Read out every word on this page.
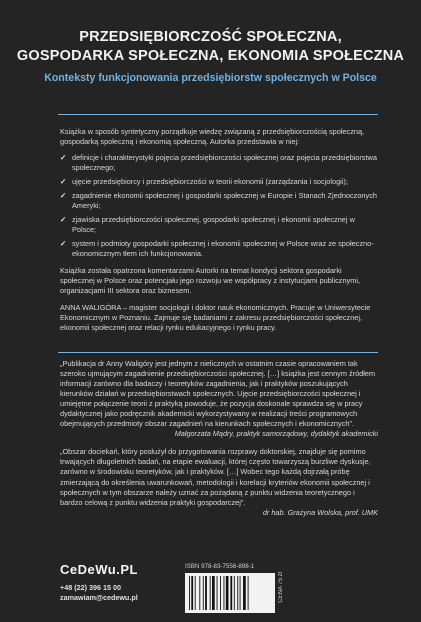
PRZEDSIĘBIORCZOŚĆ SPOŁECZNA,
GOSPODARKA SPOŁECZNA, EKONOMIA SPOŁECZNA
Konteksty funkcjonowania przedsiębiorstw społecznych w Polsce

Książka w sposób syntetyczny porządkuje wiedzę związaną z przedsiębiorczością społeczną, gospodarką społeczną i ekonomią społeczną. Autorka przedstawia w niej:

✓ definicje i charakterystyki pojęcia przedsiębiorczości społecznej oraz pojęcia przedsiębiorstwa społecznego;
✓ ujęcie przedsiębiorcy i przedsiębiorczości w teorii ekonomii (zarządzania i socjologii);
✓ zagadnienie ekonomii społecznej i gospodarki społecznej w Europie i Stanach Zjednoczonych Ameryki;
✓ zjawiska przedsiębiorczości społecznej, gospodarki społecznej i ekonomii społecznej w Polsce;
✓ system i podmioty gospodarki społecznej i ekonomii społecznej w Polsce wraz ze społeczno-ekonomicznym tłem ich funkcjonowania.

Książka została opatrzona komentarzami Autorki na temat kondycji sektora gospodarki społecznej w Polsce oraz potencjału jego rozwoju we współpracy z instytucjami publicznymi, organizacjami III sektora oraz biznesem.

ANNA WALIGÓRA – magister socjologii i doktor nauk ekonomicznych. Pracuje w Uniwersytecie Ekonomicznym w Poznaniu. Zajmuje się badaniami z zakresu przedsiębiorczości społecznej, ekonomii społecznej oraz relacji rynku edukacyjnego i rynku pracy.

„Publikacja dr Anny Waligóry jest jednym z nielicznych w ostatnim czasie opracowaniem tak szeroko ujmującym zagadnienie przedsiębiorczości społecznej. […] książka jest cennym źródłem informacji zarówno dla badaczy i teoretyków zagadnienia, jak i praktyków poszukujących kierunków działań w przedsiębiorstwach społecznych. Ujęcie przedsiębiorczości społecznej i umiejętne połączenie teorii z praktyką powoduje, że pozycja doskonale sprawdza się w pracy dydaktycznej jako podręcznik akademicki wykorzystywany w realizacji treści programowych obejmujących przedmioty obszar zagadnień na kierunkach społecznych i ekonomicznych”.

Małgorzata Mądry, praktyk samorządowy, dydaktyk akademicki

„Obszar dociekań, który posłużył do przygotowania rozprawy doktorskiej, znajduje się pomimo trwających długoletnich badań, na etapie ewaluacji, której często towarzyszą burzliwe dyskusje, zarówno w środowisku teoretyków, jak i praktyków. […] Wobec tego każdą dojrzałą próbę zmierzającą do określenia uwarunkowań, metodologii i korelacji kryteriów ekonomii społecznej i społecznych w tym obszarze należy uznać za pożądaną z punktu widzenia teoretycznego i bardzo celową z punktu widzenia praktyki gospodarczej”.

dr hab. Grażyna Wolska, prof. UMK

CeDeWu.PL
+48 (22) 396 15 00
zamawiam@cedewu.pl
ISBN 978-83-7556-898-1
9 788375 568981
CENA 75 zł
